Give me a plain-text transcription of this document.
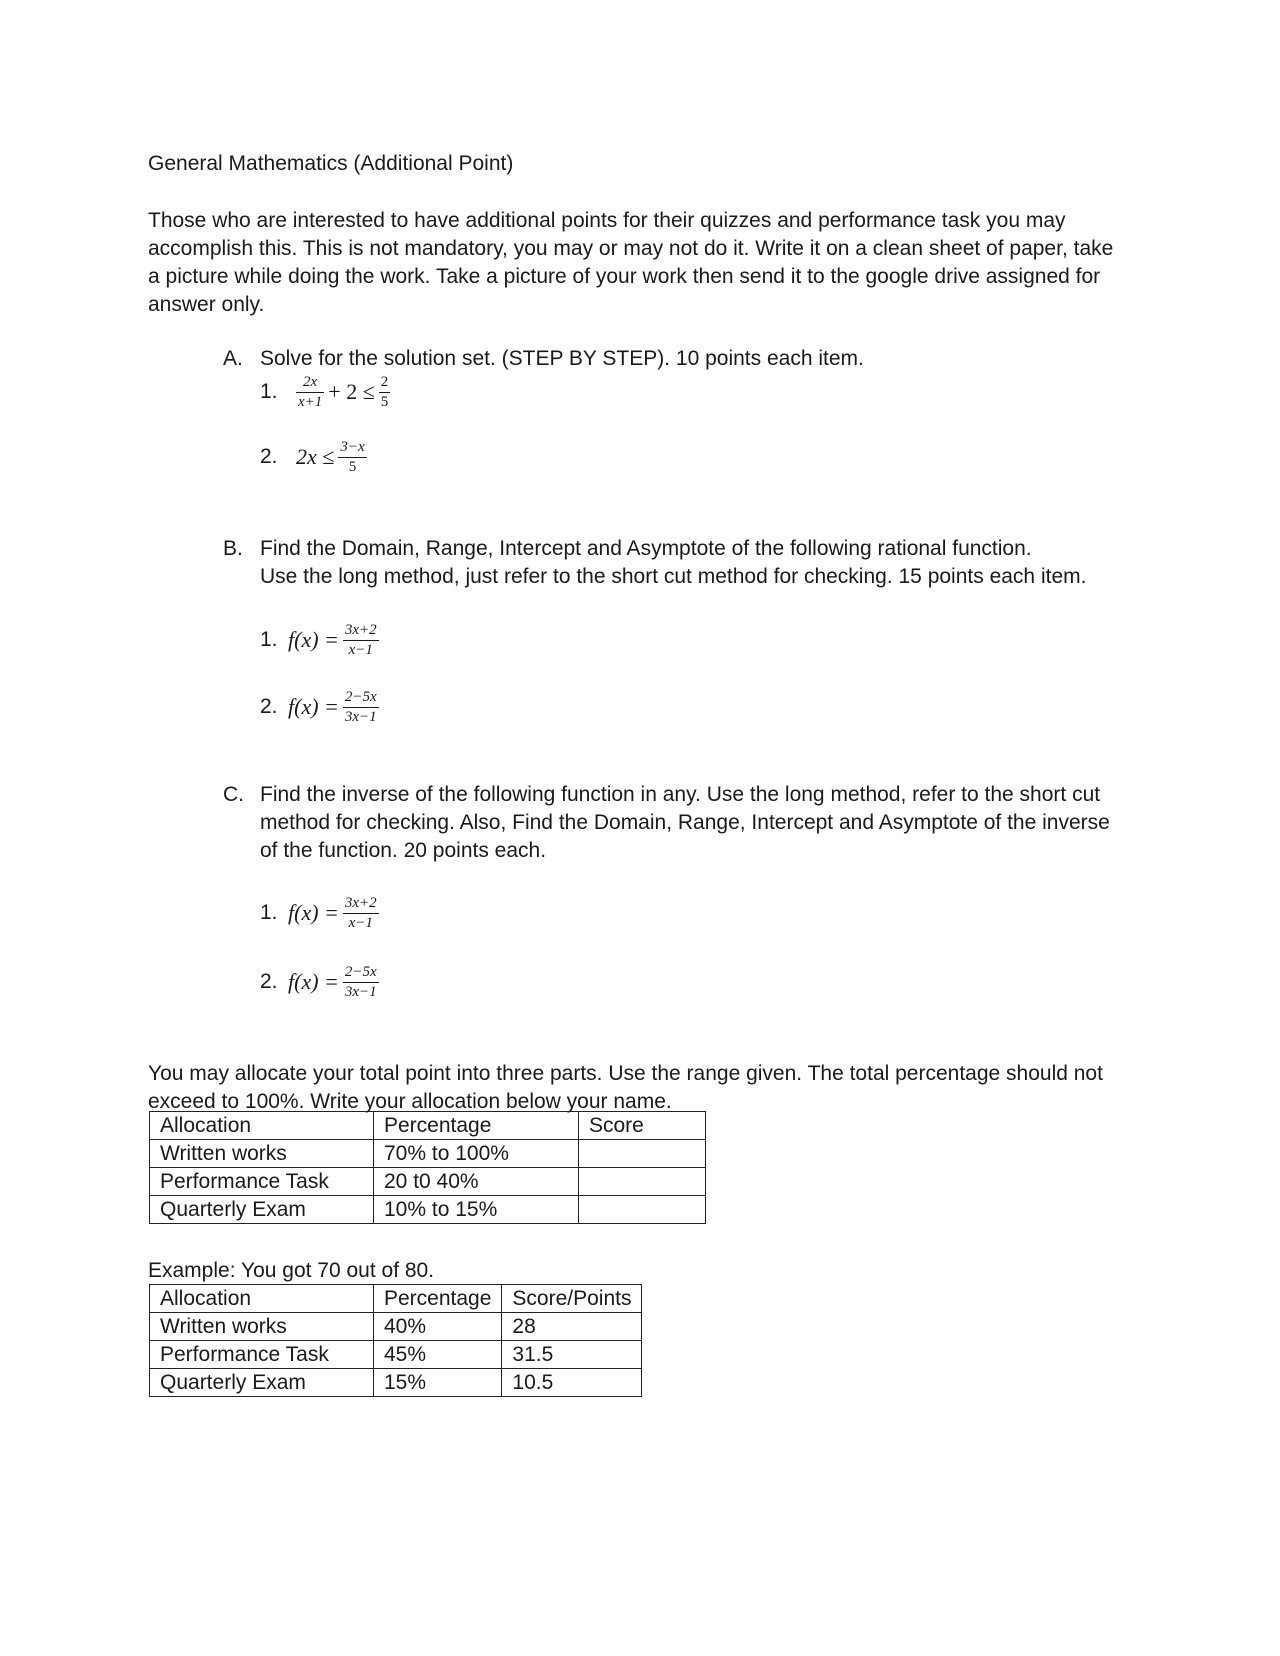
General Mathematics (Additional Point)
Those who are interested to have additional points for their quizzes and performance task you may accomplish this. This is not mandatory, you may or may not do it. Write it on a clean sheet of paper, take a picture while doing the work. Take a picture of your work then send it to the google drive assigned for answer only.
A. Solve for the solution set. (STEP BY STEP). 10 points each item.
1.	$\frac{2x}{x+1} + 2 \le \frac{2}{5}$
2. $2x \le \frac{3-x}{5}$
B. Find the Domain, Range, Intercept and Asymptote of the following rational function.
Use the long method, just refer to the short cut method for checking. 15 points each item.
1. $f(x) = \frac{3x+2}{x-1}$
2. $f(x) = \frac{2-5x}{3x-1}$
C. Find the inverse of the following function in any. Use the long method, refer to the short cut method for checking. Also, Find the Domain, Range, Intercept and Asymptote of the inverse of the function. 20 points each.
1. $f(x) = \frac{3x+2}{x-1}$
2. $f(x) = \frac{2-5x}{3x-1}$
You may allocate your total point into three parts. Use the range given. The total percentage should not exceed to 100%. Write your allocation below your name.
Allocation	Percentage	Score
Written works	70% to 100%	
Performance Task	20 t0 40%	
Quarterly Exam	10% to 15%	
Example: You got 70 out of 80.
Allocation	Percentage	Score/Points
Written works	40%	28
Performance Task	45%	31.5
Quarterly Exam	15%	10.5
